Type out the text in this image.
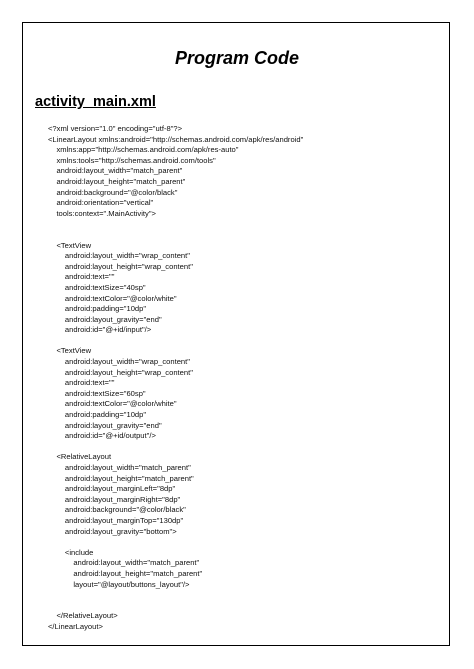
Program Code
activity_main.xml
<?xml version="1.0" encoding="utf-8"?>
<LinearLayout xmlns:android="http://schemas.android.com/apk/res/android"
xmlns:app="http://schemas.android.com/apk/res-auto"
xmlns:tools="http://schemas.android.com/tools"
android:layout_width="match_parent"
android:layout_height="match_parent"
android:background="@color/black"
android:orientation="vertical"
tools:context=".MainActivity">
<TextView
android:layout_width="wrap_content"
android:layout_height="wrap_content"
android:text=""
android:textSize="40sp"
android:textColor="@color/white"
android:padding="10dp"
android:layout_gravity="end"
android:id="@+id/input"/>
<TextView
android:layout_width="wrap_content"
android:layout_height="wrap_content"
android:text=""
android:textSize="60sp"
android:textColor="@color/white"
android:padding="10dp"
android:layout_gravity="end"
android:id="@+id/output"/>
<RelativeLayout
android:layout_width="match_parent"
android:layout_height="match_parent"
android:layout_marginLeft="8dp"
android:layout_marginRight="8dp"
android:background="@color/black"
android:layout_marginTop="130dp"
android:layout_gravity="bottom">
<include
android:layout_width="match_parent"
android:layout_height="match_parent"
layout="@layout/buttons_layout"/>
</RelativeLayout>
</LinearLayout>
